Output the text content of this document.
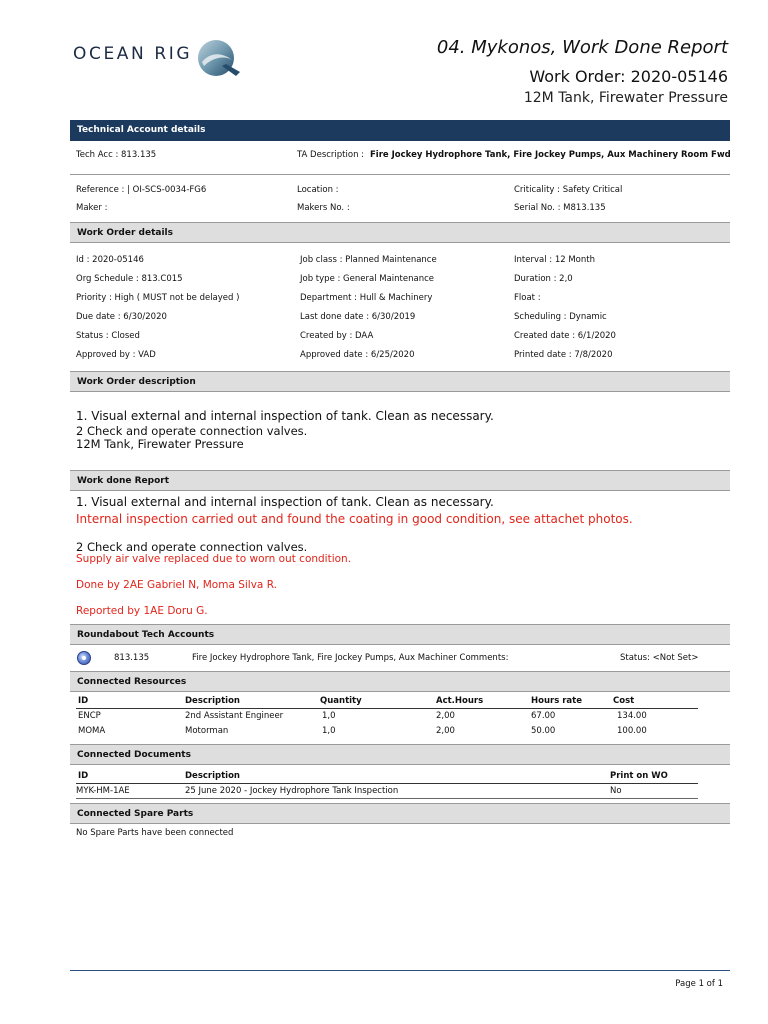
OCEAN RIG	04. Mykonos, Work Done Report
Work Order: 2020-05146
12M Tank, Firewater Pressure
Technical Account details
Tech Acc : 813.135	TA Description : Fire Jockey Hydrophore Tank, Fire Jockey Pumps, Aux Machinery Room Fwd
Reference : | OI-SCS-0034-FG6	Location :	Criticality : Safety Critical
Maker :	Makers No. :	Serial No. : M813.135
Work Order details
Id : 2020-05146	Job class : Planned Maintenance	Interval : 12 Month
Org Schedule : 813.C015	Job type : General Maintenance	Duration : 2,0
Priority : High ( MUST not be delayed )	Department : Hull & Machinery	Float :
Due date : 6/30/2020	Last done date : 6/30/2019	Scheduling : Dynamic
Status : Closed	Created by : DAA	Created date : 6/1/2020
Approved by : VAD	Approved date : 6/25/2020	Printed date : 7/8/2020
Work Order description
1. Visual external and internal inspection of tank. Clean as necessary.
2 Check and operate connection valves.
12M Tank, Firewater Pressure
Work done Report
1. Visual external and internal inspection of tank. Clean as necessary.
Internal inspection carried out and found the coating in good condition, see attachet photos.
2 Check and operate connection valves.
Supply air valve replaced due to worn out condition.
Done by 2AE Gabriel N, Moma Silva R.
Reported by 1AE Doru G.
Roundabout Tech Accounts
813.135	Fire Jockey Hydrophore Tank, Fire Jockey Pumps, Aux Machiner Comments:	Status: <Not Set>
Connected Resources
ID	Description	Quantity	Act.Hours	Hours rate	Cost
ENCP	2nd Assistant Engineer	1,0	2,00	67.00	134.00
MOMA	Motorman	1,0	2,00	50.00	100.00
Connected Documents
ID	Description	Print on WO
MYK-HM-1AE	25 June 2020 - Jockey Hydrophore Tank Inspection	No
Connected Spare Parts
No Spare Parts have been connected
Page 1 of 1
